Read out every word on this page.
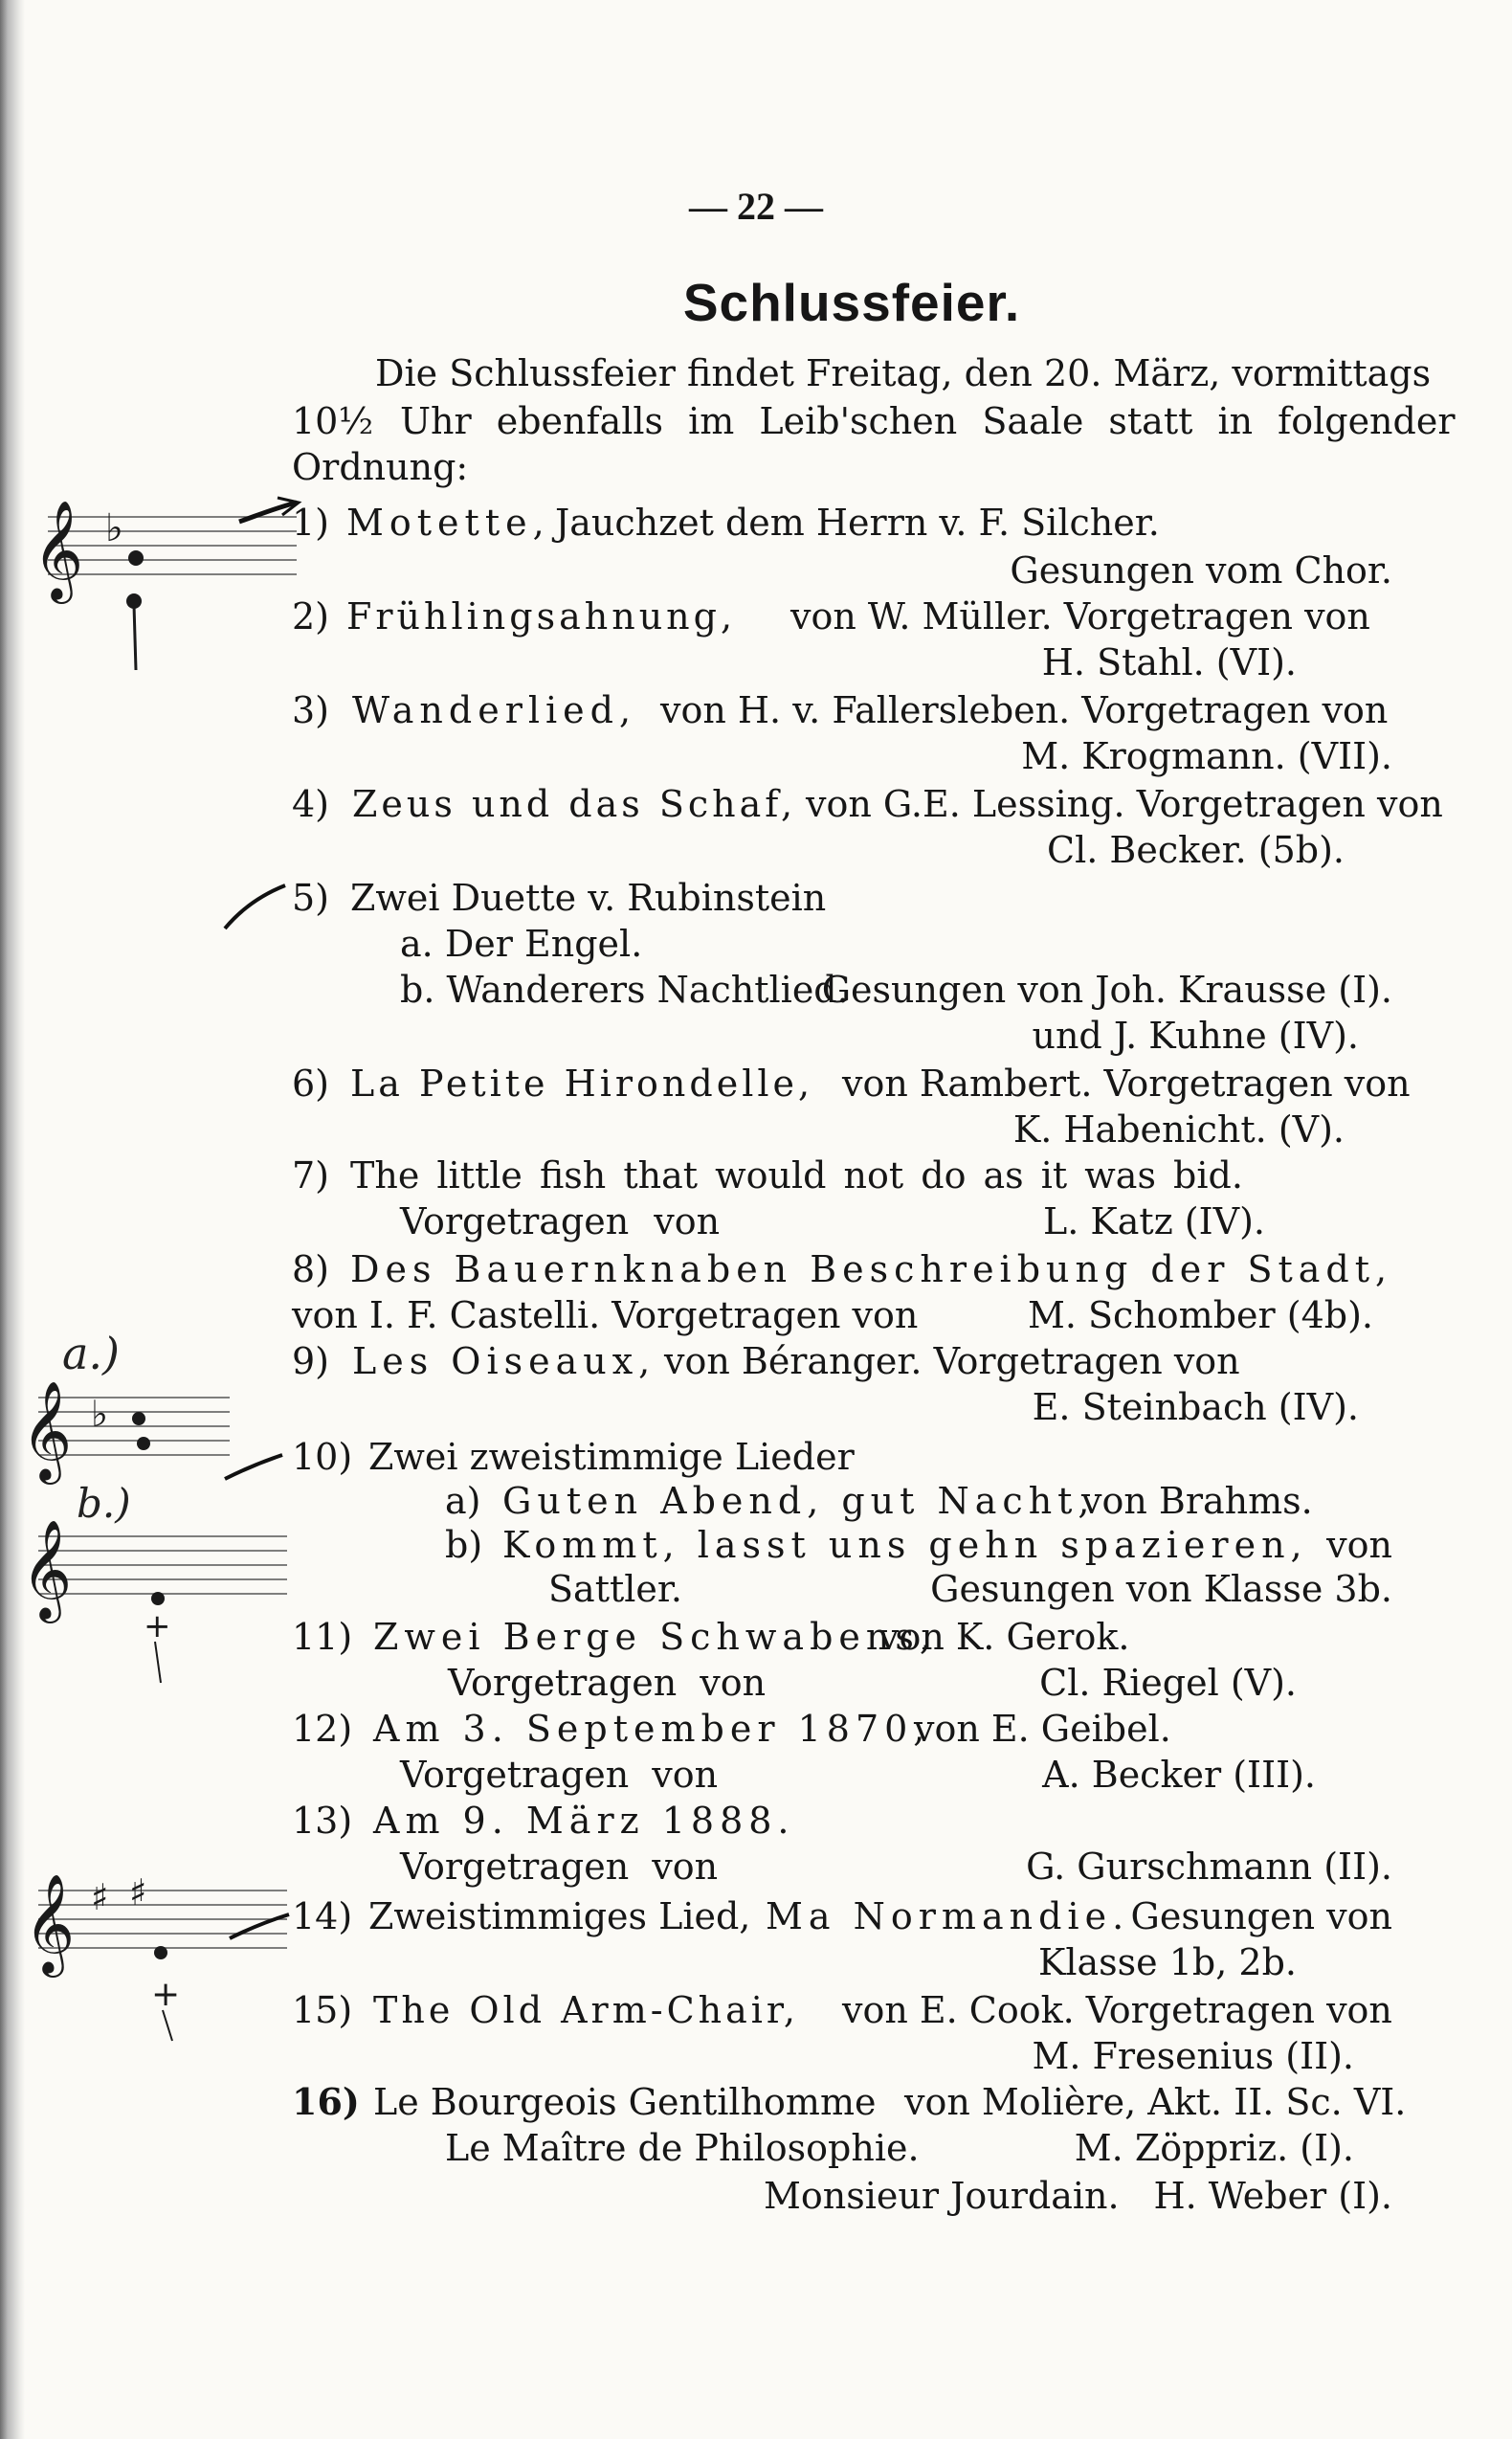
— 22 —
Schlussfeier.
Die Schlussfeier findet Freitag, den 20. März, vormittags
10½ Uhr ebenfalls im Leib'schen Saale statt in folgender
Ordnung:
1) Motette, Jauchzet dem Herrn v. F. Silcher.
Gesungen vom Chor.
2) Frühlingsahnung, von W. Müller. Vorgetragen von
H. Stahl. (VI).
3) Wanderlied, von H. v. Fallersleben. Vorgetragen von
M. Krogmann. (VII).
4) Zeus und das Schaf, von G.E. Lessing. Vorgetragen von
Cl. Becker. (5b).
5) Zwei Duette v. Rubinstein
a. Der Engel.
b. Wanderers Nachtlied.
Gesungen von Joh. Krausse (I).
und J. Kuhne (IV).
6) La Petite Hirondelle, von Rambert. Vorgetragen von
K. Habenicht. (V).
7) The little fish that would not do as it was bid.
Vorgetragen von	L. Katz (IV).
8) Des Bauernknaben Beschreibung der Stadt,
von I. F. Castelli. Vorgetragen von	M. Schomber (4b).
9) Les Oiseaux, von Béranger. Vorgetragen von
E. Steinbach (IV).
10) Zwei zweistimmige Lieder
a) Guten Abend, gut Nacht,
von Brahms.
b) Kommt, lasst uns gehn spazieren, von
Sattler.	Gesungen von Klasse 3b.
11) Zwei Berge Schwabens,
von K. Gerok.
Vorgetragen von	Cl. Riegel (V).
12) Am 3. September 1870,
von E. Geibel.
Vorgetragen von	A. Becker (III).
13) Am 9. März 1888.
Vorgetragen von	G. Gurschmann (II).
14) Zweistimmiges Lied, Ma Normandie. Gesungen von
Klasse 1b, 2b.
15) The Old Arm-Chair, von E. Cook. Vorgetragen von
M. Fresenius (II).
16) Le Bourgeois Gentilhomme von Molière, Akt. II. Sc. VI.
Le Maître de Philosophie.	M. Zöppriz. (I).
Monsieur Jourdain. H. Weber (I).
𝄞 ♭
a.)
𝄞 ♭
b.)
𝄞
+
𝄞 ♯ ♯
+
